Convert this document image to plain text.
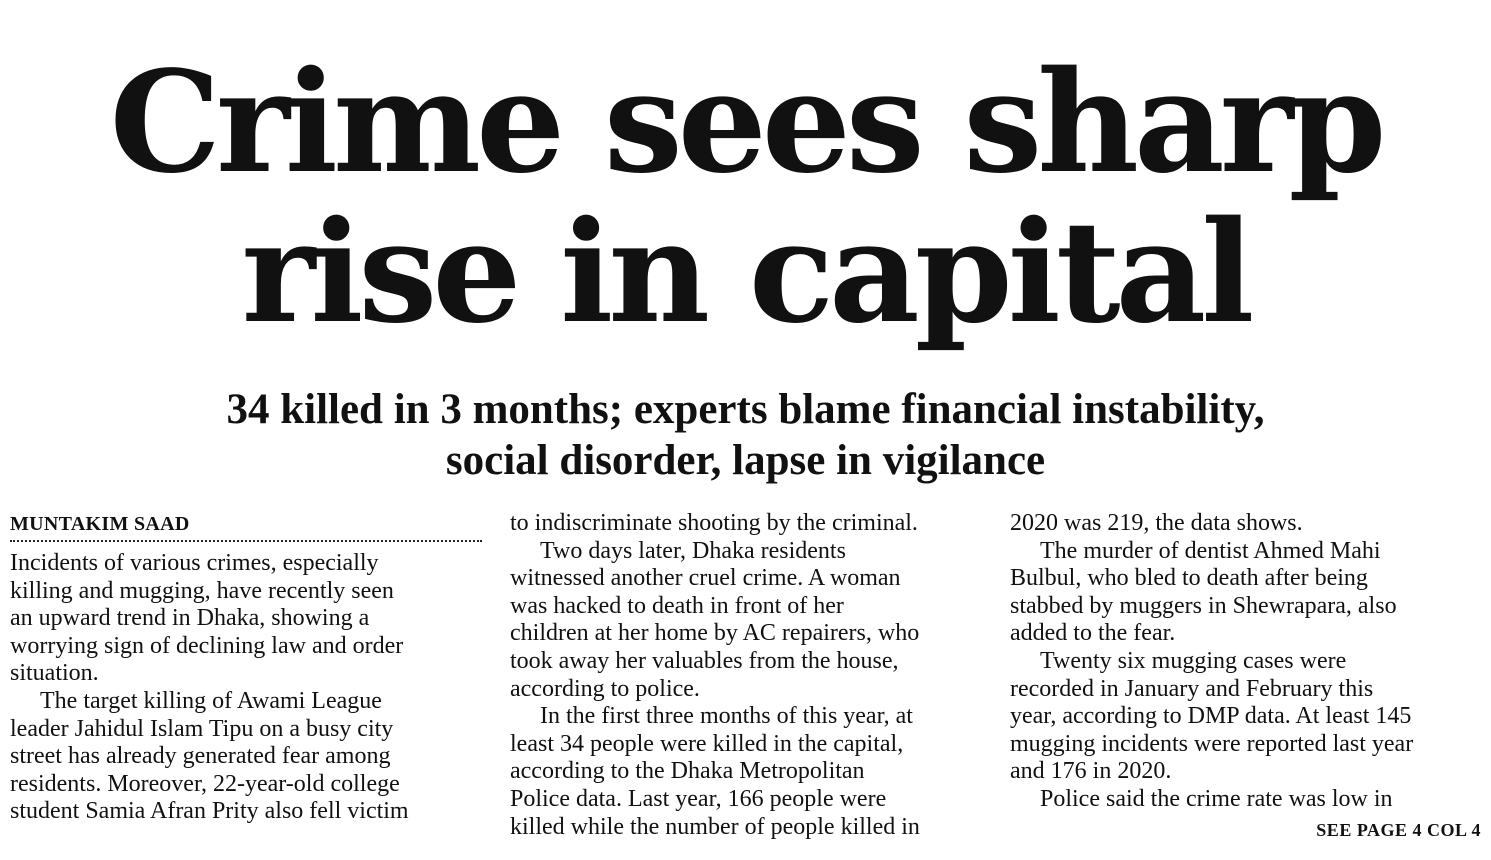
Crime sees sharp
rise in capital
34 killed in 3 months; experts blame financial instability,
social disorder, lapse in vigilance
MUNTAKIM SAAD
Incidents of various crimes, especially
killing and mugging, have recently seen
an upward trend in Dhaka, showing a
worrying sign of declining law and order
situation.
The target killing of Awami League
leader Jahidul Islam Tipu on a busy city
street has already generated fear among
residents. Moreover, 22-year-old college
student Samia Afran Prity also fell victim
to indiscriminate shooting by the criminal.
Two days later, Dhaka residents
witnessed another cruel crime. A woman
was hacked to death in front of her
children at her home by AC repairers, who
took away her valuables from the house,
according to police.
In the first three months of this year, at
least 34 people were killed in the capital,
according to the Dhaka Metropolitan
Police data. Last year, 166 people were
killed while the number of people killed in
2020 was 219, the data shows.
The murder of dentist Ahmed Mahi
Bulbul, who bled to death after being
stabbed by muggers in Shewrapara, also
added to the fear.
Twenty six mugging cases were
recorded in January and February this
year, according to DMP data. At least 145
mugging incidents were reported last year
and 176 in 2020.
Police said the crime rate was low in
SEE PAGE 4 COL 4
